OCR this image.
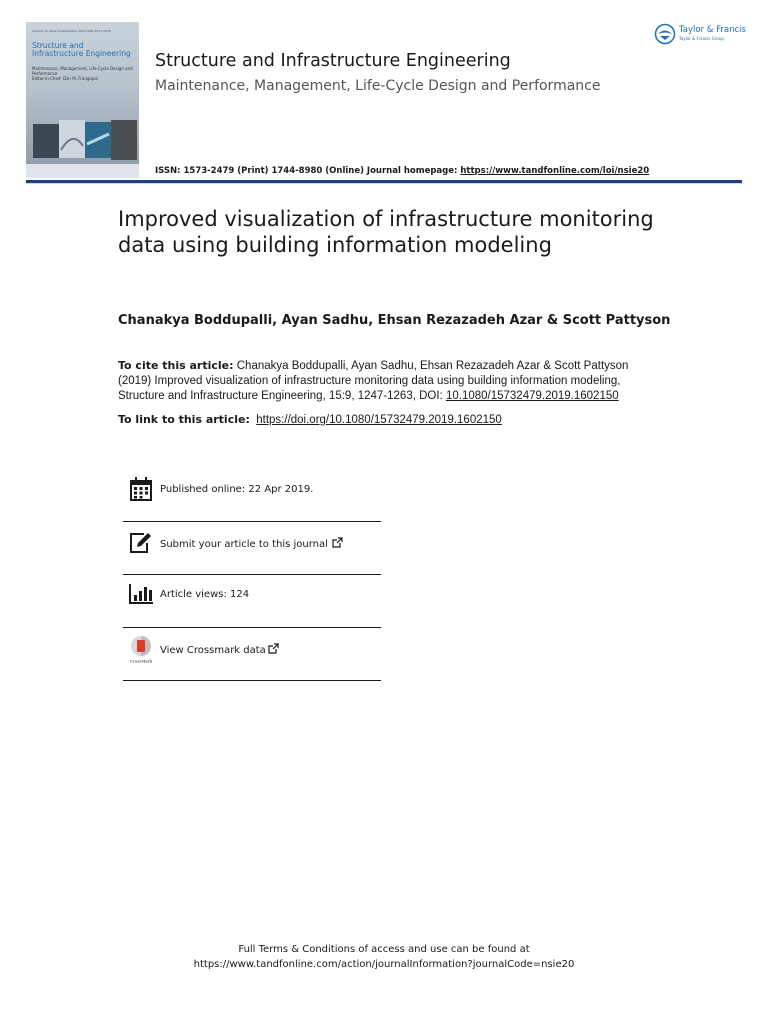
Volume 15 Issue 9 September 2019 ISSN 1573-2479
Structure and Infrastructure Engineering
Maintenance, Management, Life-Cycle Design and Performance
Editor-in-Chief: Dan M. Frangopol
Taylor & Francis
Taylor & Francis Group
Structure and Infrastructure Engineering
Maintenance, Management, Life-Cycle Design and Performance
ISSN: 1573-2479 (Print) 1744-8980 (Online) Journal homepage: https://www.tandfonline.com/loi/nsie20
Improved visualization of infrastructure monitoring data using building information modeling
Chanakya Boddupalli, Ayan Sadhu, Ehsan Rezazadeh Azar & Scott Pattyson
To cite this article: Chanakya Boddupalli, Ayan Sadhu, Ehsan Rezazadeh Azar & Scott Pattyson (2019) Improved visualization of infrastructure monitoring data using building information modeling, Structure and Infrastructure Engineering, 15:9, 1247-1263, DOI: 10.1080/15732479.2019.1602150
To link to this article: https://doi.org/10.1080/15732479.2019.1602150
Published online: 22 Apr 2019.
Submit your article to this journal
Article views: 124
CrossMark
View Crossmark data
Full Terms & Conditions of access and use can be found at
https://www.tandfonline.com/action/journalInformation?journalCode=nsie20
